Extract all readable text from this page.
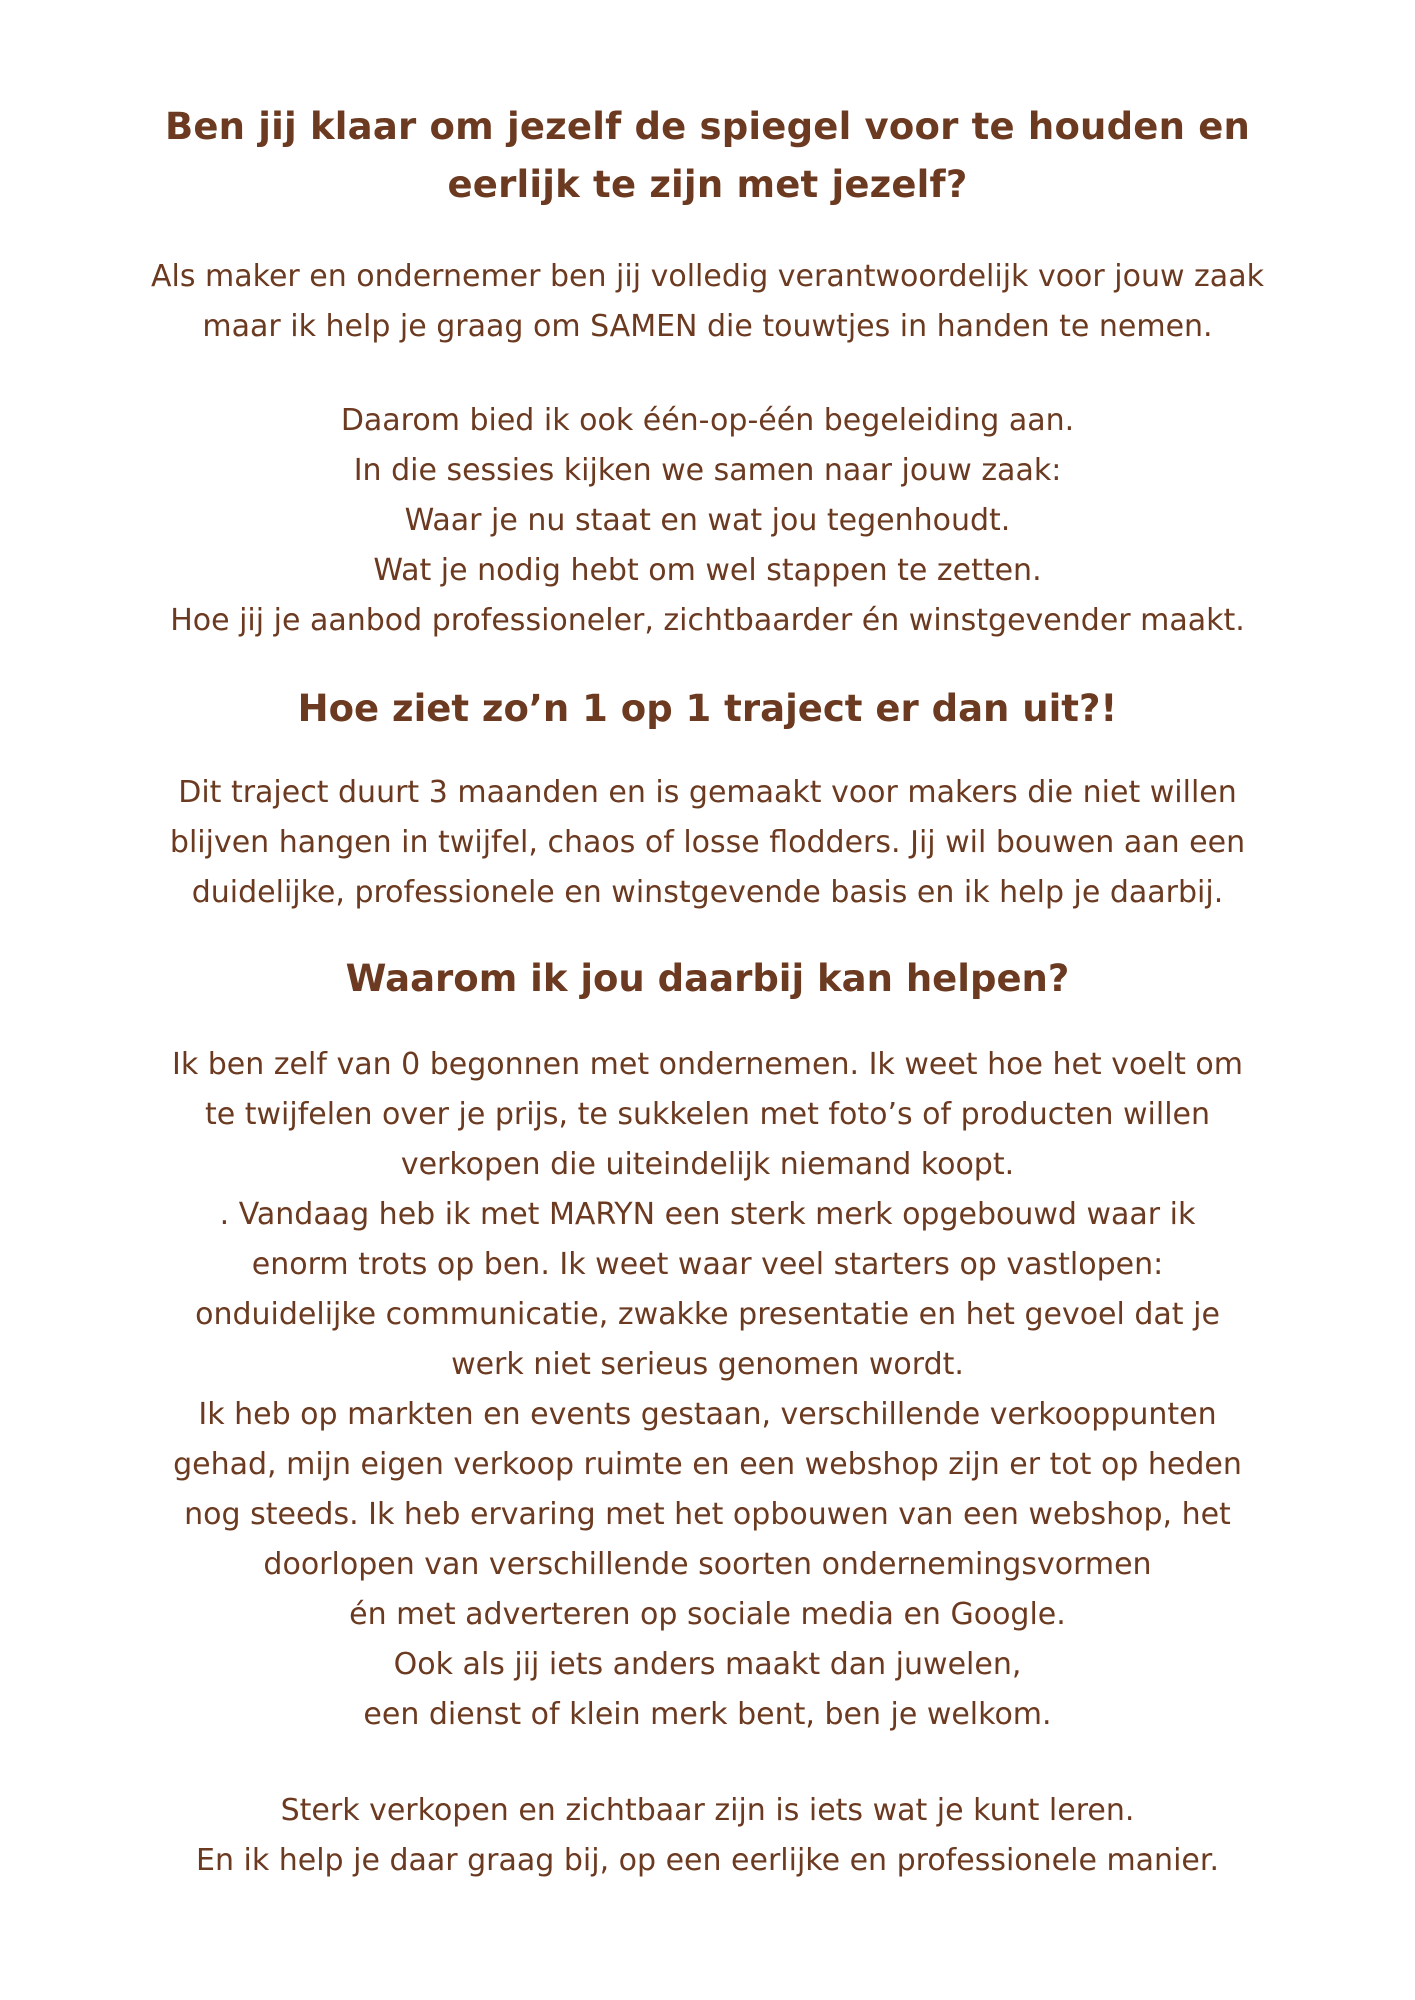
Ben jij klaar om jezelf de spiegel voor te houden en
eerlijk te zijn met jezelf?

Als maker en ondernemer ben jij volledig verantwoordelijk voor jouw zaak
maar ik help je graag om SAMEN die touwtjes in handen te nemen.

Daarom bied ik ook één-op-één begeleiding aan.
In die sessies kijken we samen naar jouw zaak:
Waar je nu staat en wat jou tegenhoudt.
Wat je nodig hebt om wel stappen te zetten.
Hoe jij je aanbod professioneler, zichtbaarder én winstgevender maakt.

Hoe ziet zo’n 1 op 1 traject er dan uit?!

Dit traject duurt 3 maanden en is gemaakt voor makers die niet willen
blijven hangen in twijfel, chaos of losse flodders. Jij wil bouwen aan een
duidelijke, professionele en winstgevende basis en ik help je daarbij.

Waarom ik jou daarbij kan helpen?

Ik ben zelf van 0 begonnen met ondernemen. Ik weet hoe het voelt om
te twijfelen over je prijs, te sukkelen met foto’s of producten willen
verkopen die uiteindelijk niemand koopt.
. Vandaag heb ik met MARYN een sterk merk opgebouwd waar ik
enorm trots op ben. Ik weet waar veel starters op vastlopen:
onduidelijke communicatie, zwakke presentatie en het gevoel dat je
werk niet serieus genomen wordt.
Ik heb op markten en events gestaan, verschillende verkooppunten
gehad, mijn eigen verkoop ruimte en een webshop zijn er tot op heden
nog steeds. Ik heb ervaring met het opbouwen van een webshop, het
doorlopen van verschillende soorten ondernemingsvormen
én met adverteren op sociale media en Google.
Ook als jij iets anders maakt dan juwelen,
een dienst of klein merk bent, ben je welkom.

Sterk verkopen en zichtbaar zijn is iets wat je kunt leren.
En ik help je daar graag bij, op een eerlijke en professionele manier.
